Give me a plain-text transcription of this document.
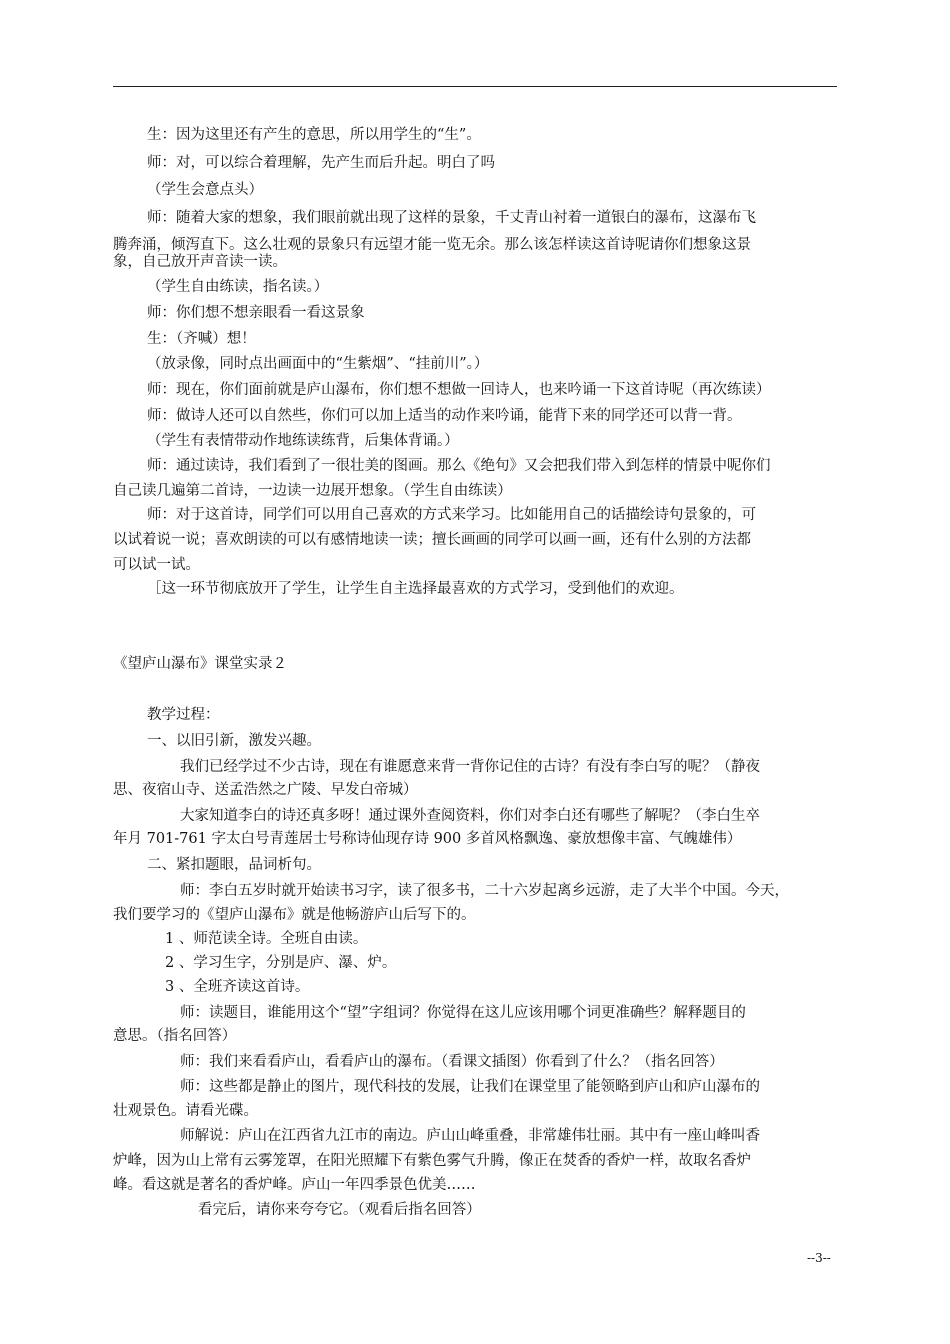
生：因为这里还有产生的意思，所以用学生的“生”。
师：对，可以综合着理解，先产生而后升起。明白了吗
（学生会意点头）
师：随着大家的想象，我们眼前就出现了这样的景象，千丈青山衬着一道银白的瀑布，这瀑布飞
腾奔涌，倾泻直下。这么壮观的景象只有远望才能一览无余。那么该怎样读这首诗呢请你们想象这景
象，自己放开声音读一读。
（学生自由练读，指名读。）
师：你们想不想亲眼看一看这景象
生：（齐喊）想！
（放录像，同时点出画面中的“生紫烟”、“挂前川”。）
师：现在，你们面前就是庐山瀑布，你们想不想做一回诗人，也来吟诵一下这首诗呢（再次练读）
师：做诗人还可以自然些，你们可以加上适当的动作来吟诵，能背下来的同学还可以背一背。
（学生有表情带动作地练读练背，后集体背诵。）
师：通过读诗，我们看到了一很壮美的图画。那么《绝句》又会把我们带入到怎样的情景中呢你们
自己读几遍第二首诗，一边读一边展开想象。（学生自由练读）
师：对于这首诗，同学们可以用自己喜欢的方式来学习。比如能用自己的话描绘诗句景象的，可
以试着说一说；喜欢朗读的可以有感情地读一读；擅长画画的同学可以画一画，还有什么别的方法都
可以试一试。
［这一环节彻底放开了学生，让学生自主选择最喜欢的方式学习，受到他们的欢迎。
《望庐山瀑布》课堂实录２
教学过程：
一、以旧引新，激发兴趣。
我们已经学过不少古诗，现在有谁愿意来背一背你记住的古诗？有没有李白写的呢？（静夜
思、夜宿山寺、送孟浩然之广陵、早发白帝城）
大家知道李白的诗还真多呀！通过课外查阅资料，你们对李白还有哪些了解呢？（李白生卒
年月 701-761 字太白号青莲居士号称诗仙现存诗 900 多首风格飘逸、豪放想像丰富、气魄雄伟）
二、紧扣题眼，品词析句。
师：李白五岁时就开始读书习字，读了很多书，二十六岁起离乡远游，走了大半个中国。今天，
我们要学习的《望庐山瀑布》就是他畅游庐山后写下的。
1 、师范读全诗。全班自由读。
2 、学习生字，分别是庐、瀑、炉。
3 、全班齐读这首诗。
师：读题目，谁能用这个“望”字组词？你觉得在这儿应该用哪个词更准确些？解释题目的
意思。（指名回答）
师：我们来看看庐山，看看庐山的瀑布。（看课文插图）你看到了什么？（指名回答）
师：这些都是静止的图片，现代科技的发展，让我们在课堂里了能领略到庐山和庐山瀑布的
壮观景色。请看光碟。
师解说：庐山在江西省九江市的南边。庐山山峰重叠，非常雄伟壮丽。其中有一座山峰叫香
炉峰，因为山上常有云雾笼罩，在阳光照耀下有紫色雾气升腾，像正在焚香的香炉一样，故取名香炉
峰。看这就是著名的香炉峰。庐山一年四季景色优美……
看完后，请你来夸夸它。（观看后指名回答）
--3--
